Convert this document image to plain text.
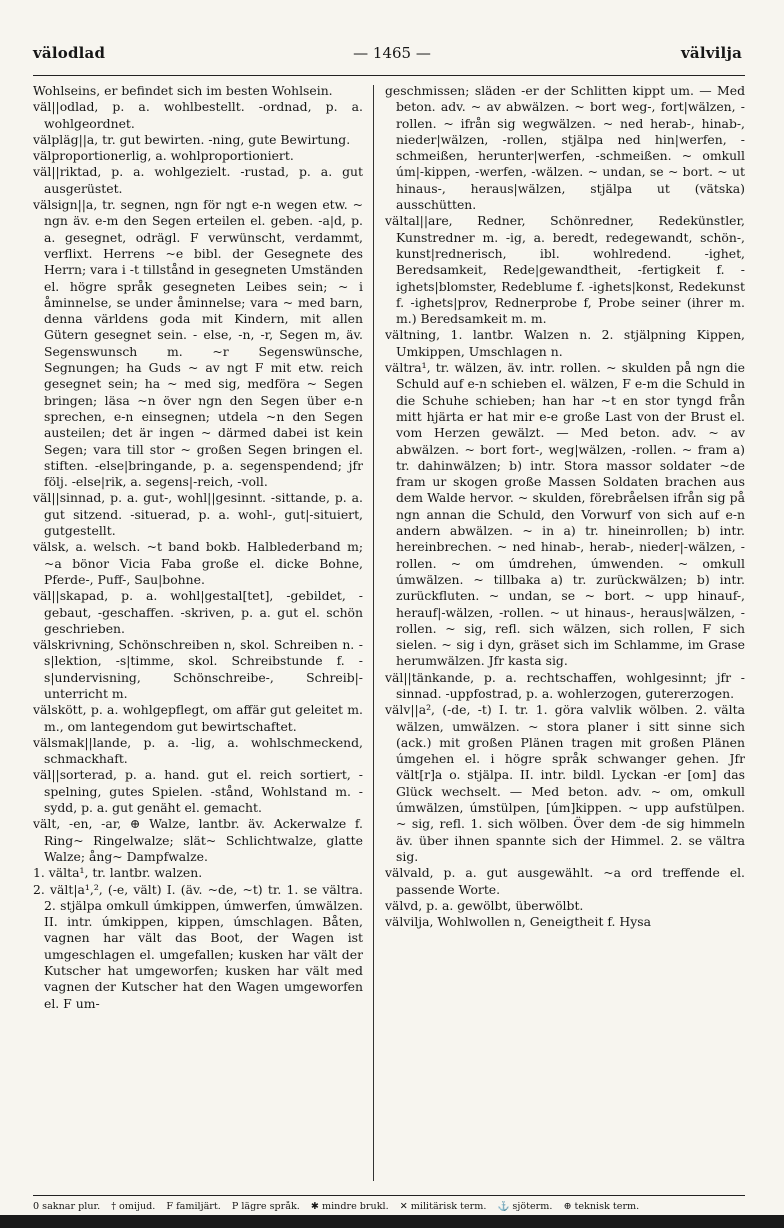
välodlad	— 1465 —	välvilja

Wohlseins, er befindet sich im besten Wohlsein.

väl||odlad, p. a. wohlbestellt. -ordnad, p. a. wohlgeordnet.

välpläg||a, tr. gut bewirten. -ning, gute Bewirtung.

välproportionerlig, a. wohlproportioniert.

väl||riktad, p. a. wohlgezielt. -rustad, p. a. gut ausgerüstet.

välsign||a, tr. segnen, ngn för ngt e-n wegen etw. ~ ngn äv. e-m den Segen erteilen el. geben. -a|d, p. a. gesegnet, odrägl. F verwünscht, verdammt, verflixt. Herrens ~e bibl. der Gesegnete des Herrn; vara i -t tillstånd in gesegneten Umständen el. högre språk gesegneten Leibes sein; ~ i åminnelse, se under åminnelse; vara ~ med barn, denna världens goda mit Kindern, mit allen Gütern gesegnet sein. - else, -n, -r, Segen m, äv. Segenswunsch m. ~r Segenswünsche, Segnungen; ha Guds ~ av ngt F mit etw. reich gesegnet sein; ha ~ med sig, medföra ~ Segen bringen; läsa ~n över ngn den Segen über e-n sprechen, e-n einsegnen; utdela ~n den Segen austeilen; det är ingen ~ därmed dabei ist kein Segen; vara till stor ~ großen Segen bringen el. stiften. -else|bringande, p. a. segenspendend; jfr följ. -else|rik, a. segens|-reich, -voll.

väl||sinnad, p. a. gut-, wohl||gesinnt. -sittande, p. a. gut sitzend. -situerad, p. a. wohl-, gut|-situiert, gutgestellt.

välsk, a. welsch. ~t band bokb. Halblederband m; ~a bönor Vicia Faba große el. dicke Bohne, Pferde-, Puff-, Sau|bohne.

väl||skapad, p. a. wohl|gestal[tet], -gebildet, -gebaut, -geschaffen. -skriven, p. a. gut el. schön geschrieben.

välskrivning, Schönschreiben n, skol. Schreiben n. -s|lektion, -s|timme, skol. Schreibstunde f. -s|undervisning, Schönschreibe-, Schreib|-unterricht m.

välskött, p. a. wohlgepflegt, om affär gut geleitet m. m., om lantegendom gut bewirtschaftet.

välsmak||lande, p. a. -lig, a. wohlschmeckend, schmackhaft.

väl||sorterad, p. a. hand. gut el. reich sortiert, -spelning, gutes Spielen. -stånd, Wohlstand m. -sydd, p. a. gut genäht el. gemacht.

vält, -en, -ar, ⊕ Walze, lantbr. äv. Ackerwalze f. Ring~ Ringelwalze; slät~ Schlichtwalze, glatte Walze; ång~ Dampfwalze.

1. välta¹, tr. lantbr. walzen.

2. vält|a¹,², (-e, vält) I. (äv. ~de, ~t) tr. 1. se vältra. 2. stjälpa omkull úmkippen, úmwerfen, úmwälzen. II. intr. úmkippen, kippen, úmschlagen. Båten, vagnen har vält das Boot, der Wagen ist umgeschlagen el. umgefallen; kusken har vält der Kutscher hat umgeworfen; kusken har vält med vagnen der Kutscher hat den Wagen umgeworfen el. F um-

geschmissen; släden -er der Schlitten kippt um. — Med beton. adv. ~ av abwälzen. ~ bort weg-, fort|wälzen, -rollen. ~ ifrån sig wegwälzen. ~ ned herab-, hinab-, nieder|wälzen, -rollen, stjälpa ned hin|werfen, -schmeißen, herunter|werfen, -schmeißen. ~ omkull úm|-kippen, -werfen, -wälzen. ~ undan, se ~ bort. ~ ut hinaus-, heraus|wälzen, stjälpa ut (vätska) ausschütten.

vältal||are, Redner, Schönredner, Redekünstler, Kunstredner m. -ig, a. beredt, redegewandt, schön-, kunst|rednerisch, ibl. wohlredend. -ighet, Beredsamkeit, Rede|gewandtheit, -fertigkeit f. -ighets|blomster, Redeblume f. -ighets|konst, Redekunst f. -ighets|prov, Rednerprobe f, Probe seiner (ihrer m. m.) Beredsamkeit m. m.

vältning, 1. lantbr. Walzen n. 2. stjälpning Kippen, Umkippen, Umschlagen n.

vältra¹, tr. wälzen, äv. intr. rollen. ~ skulden på ngn die Schuld auf e-n schieben el. wälzen, F e-m die Schuld in die Schuhe schieben; han har ~t en stor tyngd från mitt hjärta er hat mir e-e große Last von der Brust el. vom Herzen gewälzt. — Med beton. adv. ~ av abwälzen. ~ bort fort-, weg|wälzen, -rollen. ~ fram a) tr. dahinwälzen; b) intr. Stora massor soldater ~de fram ur skogen große Massen Soldaten brachen aus dem Walde hervor. ~ skulden, förebråelsen ifrån sig på ngn annan die Schuld, den Vorwurf von sich auf e-n andern abwälzen. ~ in a) tr. hineinrollen; b) intr. hereinbrechen. ~ ned hinab-, herab-, nieder|-wälzen, -rollen. ~ om úmdrehen, úmwenden. ~ omkull úmwälzen. ~ tillbaka a) tr. zurückwälzen; b) intr. zurückfluten. ~ undan, se ~ bort. ~ upp hinauf-, herauf|-wälzen, -rollen. ~ ut hinaus-, heraus|wälzen, -rollen. ~ sig, refl. sich wälzen, sich rollen, F sich sielen. ~ sig i dyn, gräset sich im Schlamme, im Grase herumwälzen. Jfr kasta sig.

väl||tänkande, p. a. rechtschaffen, wohlgesinnt; jfr -sinnad. -uppfostrad, p. a. wohlerzogen, gutererzogen.

välv||a², (-de, -t) I. tr. 1. göra valvlik wölben. 2. välta wälzen, umwälzen. ~ stora planer i sitt sinne sich (ack.) mit großen Plänen tragen mit großen Plänen úmgehen el. i högre språk schwanger gehen. Jfr vält[r]a o. stjälpa. II. intr. bildl. Lyckan -er [om] das Glück wechselt. — Med beton. adv. ~ om, omkull úmwälzen, úmstülpen, [úm]kippen. ~ upp aufstülpen. ~ sig, refl. 1. sich wölben. Över dem -de sig himmeln äv. über ihnen spannte sich der Himmel. 2. se vältra sig.

välvald, p. a. gut ausgewählt. ~a ord treffende el. passende Worte.

välvd, p. a. gewölbt, überwölbt.

välvilja, Wohlwollen n, Geneigtheit f. Hysa

0 saknar plur. † omijud. F familjärt. P lägre språk. ✱ mindre brukl. ✕ militärisk term. ⚓ sjöterm. ⊕ teknisk term.
